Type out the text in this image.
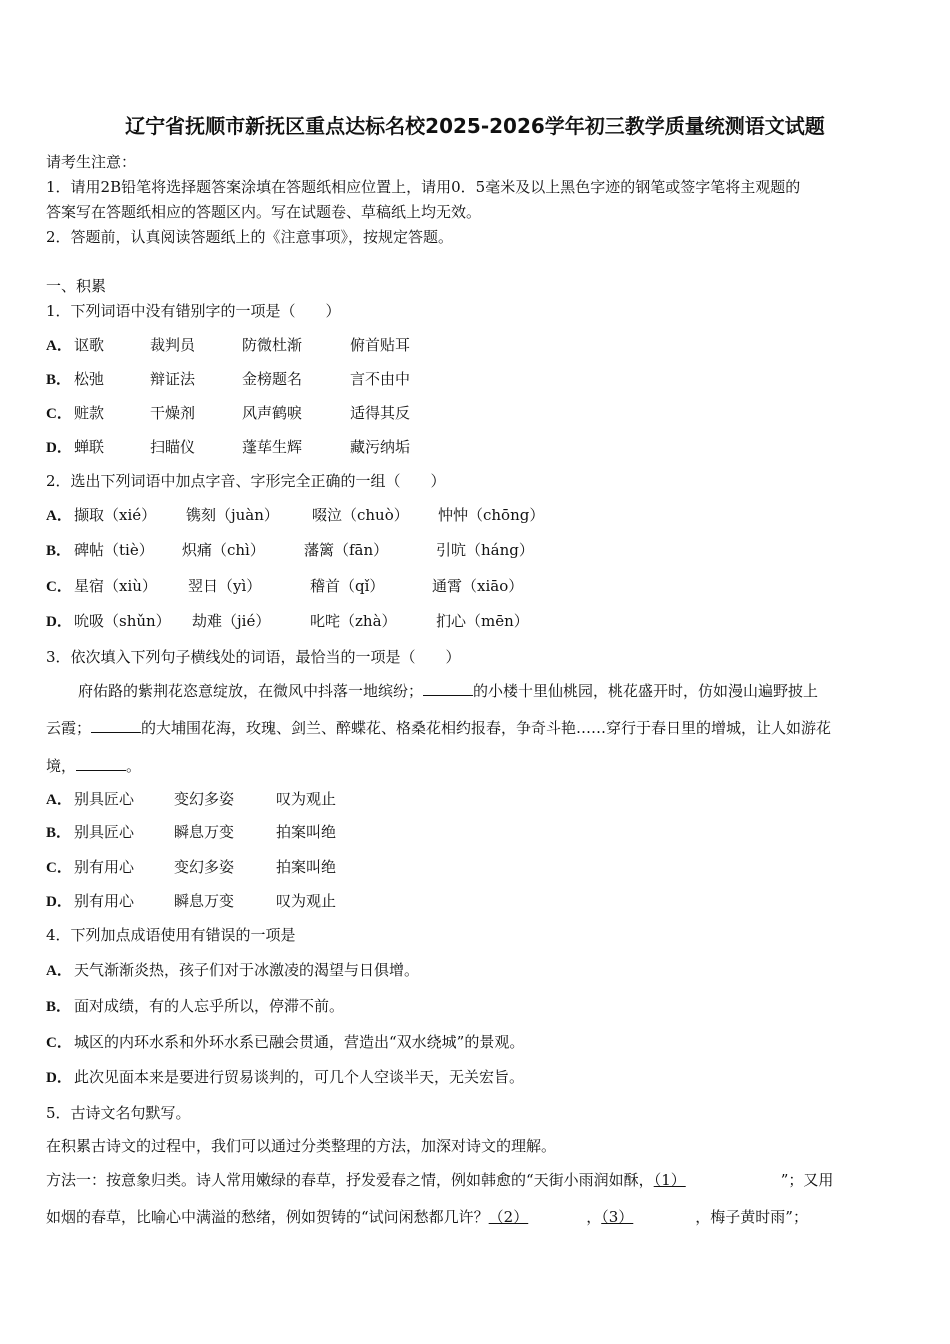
辽宁省抚顺市新抚区重点达标名校2025-2026学年初三教学质量统测语文试题
请考生注意：
1．请用2B铅笔将选择题答案涂填在答题纸相应位置上，请用0．5毫米及以上黑色字迹的钢笔或签字笔将主观题的
答案写在答题纸相应的答题区内。写在试题卷、草稿纸上均无效。
2．答题前，认真阅读答题纸上的《注意事项》，按规定答题。
一、积累
1．下列词语中没有错别字的一项是（　　）
A． 讴歌	裁判员	防微杜渐	俯首贴耳
B． 松弛	辩证法	金榜题名	言不由中
C． 赃款	干燥剂	风声鹤唳	适得其反
D． 蝉联	扫瞄仪	蓬荜生辉	藏污纳垢
2．选出下列词语中加点字音、字形完全正确的一组（　　）
A． 撷取（xié） 镌刻（juàn） 啜泣（chuò） 忡忡（chōng）
B． 碑帖（tiè） 炽痛（chì）	藩篱（fān）	引吭（háng）
C． 星宿（xiù） 翌日（yì）	稽首（qǐ）	通霄（xiāo）
D． 吮吸（shǔn） 劫难（jié）	叱咤（zhà）	扪心（mēn）
3．依次填入下列句子横线处的词语，最恰当的一项是（　　）
府佑路的紫荆花恣意绽放，在微风中抖落一地缤纷；	的小楼十里仙桃园，桃花盛开时，仿如漫山遍野披上
云霞；	的大埔围花海，玫瑰、剑兰、醉蝶花、格桑花相约报春，争奇斗艳……穿行于春日里的增城，让人如游花
境，	。
A． 别具匠心	变幻多姿	叹为观止
B． 别具匠心	瞬息万变	拍案叫绝
C． 别有用心	变幻多姿	拍案叫绝
D． 别有用心	瞬息万变	叹为观止
4．下列加点成语使用有错误的一项是
A． 天气渐渐炎热，孩子们对于冰激凌的渴望与日俱增。
B． 面对成绩，有的人忘乎所以，停滞不前。
C． 城区的内环水系和外环水系已融会贯通，营造出“双水绕城”的景观。
D． 此次见面本来是要进行贸易谈判的，可几个人空谈半天，无关宏旨。
5．古诗文名句默写。
在积累古诗文的过程中，我们可以通过分类整理的方法，加深对诗文的理解。
方法一：按意象归类。诗人常用嫩绿的春草，抒发爱春之情，例如韩愈的“天街小雨润如酥，（1）	”；又用
如烟的春草，比喻心中满溢的愁绪，例如贺铸的“试问闲愁都几许？（2）	，（3）	，梅子黄时雨”；
